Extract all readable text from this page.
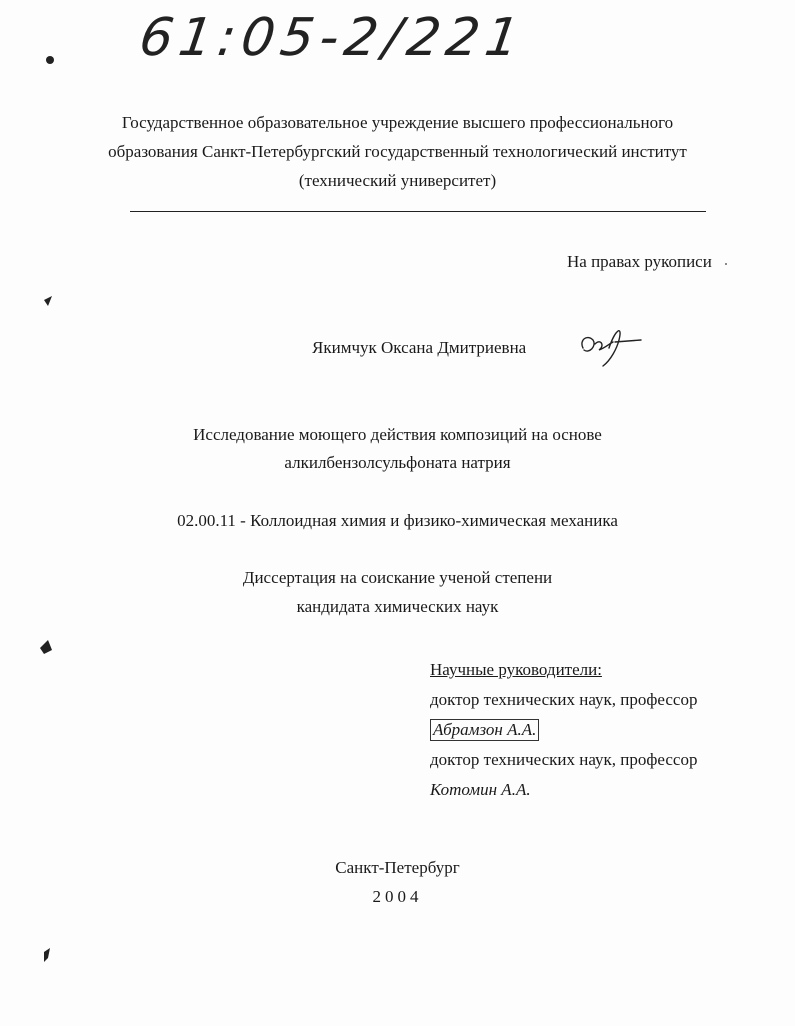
61:05-2/221
Государственное образовательное учреждение высшего профессионального
образования Санкт-Петербургский государственный технологический институт
(технический университет)
На правах рукописи
Якимчук Оксана Дмитриевна
Исследование моющего действия композиций на основе
алкилбензолсульфоната натрия
02.00.11 - Коллоидная химия и физико-химическая механика
Диссертация на соискание ученой степени
кандидата химических наук
Научные руководители:
доктор технических наук, профессор
Абрамзон А.А.
доктор технических наук, профессор
Котомин А.А.
Санкт-Петербург
2004
